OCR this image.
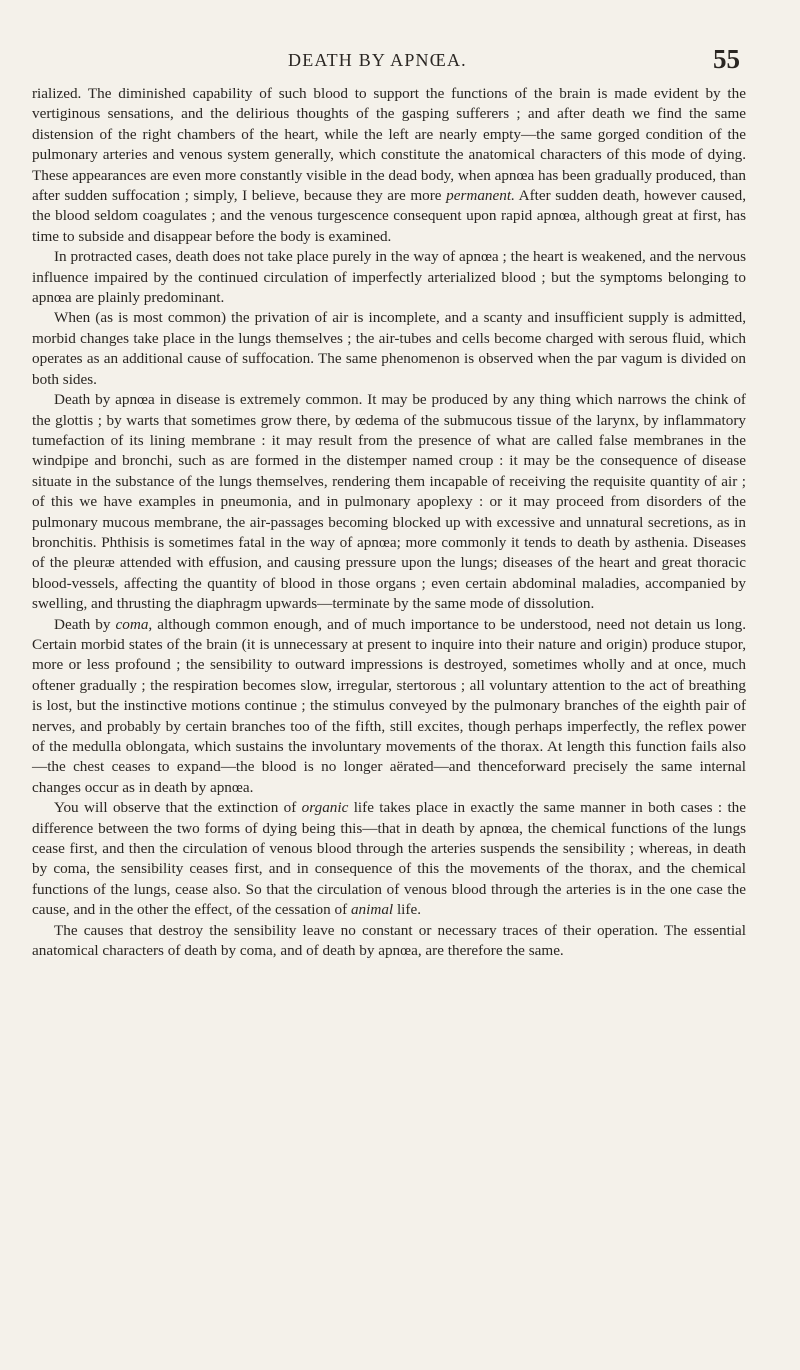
DEATH BY APNŒA.	55

rialized. The diminished capability of such blood to support the functions of the brain is made evident by the vertiginous sensations, and the delirious thoughts of the gasping sufferers ; and after death we find the same distension of the right chambers of the heart, while the left are nearly empty—the same gorged condition of the pulmonary arteries and venous system generally, which constitute the anatomical characters of this mode of dying. These appearances are even more constantly visible in the dead body, when apnœa has been gradually produced, than after sudden suffocation ; simply, I believe, because they are more permanent. After sudden death, however caused, the blood seldom coagulates ; and the venous turgescence consequent upon rapid apnœa, although great at first, has time to subside and disappear before the body is examined.

In protracted cases, death does not take place purely in the way of apnœa ; the heart is weakened, and the nervous influence impaired by the continued circulation of imperfectly arterialized blood ; but the symptoms belonging to apnœa are plainly predominant.

When (as is most common) the privation of air is incomplete, and a scanty and insufficient supply is admitted, morbid changes take place in the lungs themselves ; the air-tubes and cells become charged with serous fluid, which operates as an additional cause of suffocation. The same phenomenon is observed when the par vagum is divided on both sides.

Death by apnœa in disease is extremely common. It may be produced by any thing which narrows the chink of the glottis ; by warts that sometimes grow there, by œdema of the submucous tissue of the larynx, by inflammatory tumefaction of its lining membrane : it may result from the presence of what are called false membranes in the windpipe and bronchi, such as are formed in the distemper named croup : it may be the consequence of disease situate in the substance of the lungs themselves, rendering them incapable of receiving the requisite quantity of air ; of this we have examples in pneumonia, and in pulmonary apoplexy : or it may proceed from disorders of the pulmonary mucous membrane, the air-passages becoming blocked up with excessive and unnatural secretions, as in bronchitis. Phthisis is sometimes fatal in the way of apnœa; more commonly it tends to death by asthenia. Diseases of the pleuræ attended with effusion, and causing pressure upon the lungs; diseases of the heart and great thoracic blood-vessels, affecting the quantity of blood in those organs ; even certain abdominal maladies, accompanied by swelling, and thrusting the diaphragm upwards—terminate by the same mode of dissolution.

Death by coma, although common enough, and of much importance to be understood, need not detain us long. Certain morbid states of the brain (it is unnecessary at present to inquire into their nature and origin) produce stupor, more or less profound ; the sensibility to outward impressions is destroyed, sometimes wholly and at once, much oftener gradually ; the respiration becomes slow, irregular, stertorous ; all voluntary attention to the act of breathing is lost, but the instinctive motions continue ; the stimulus conveyed by the pulmonary branches of the eighth pair of nerves, and probably by certain branches too of the fifth, still excites, though perhaps imperfectly, the reflex power of the medulla oblongata, which sustains the involuntary movements of the thorax. At length this function fails also—the chest ceases to expand—the blood is no longer aërated—and thenceforward precisely the same internal changes occur as in death by apnœa.

You will observe that the extinction of organic life takes place in exactly the same manner in both cases : the difference between the two forms of dying being this—that in death by apnœa, the chemical functions of the lungs cease first, and then the circulation of venous blood through the arteries suspends the sensibility ; whereas, in death by coma, the sensibility ceases first, and in consequence of this the movements of the thorax, and the chemical functions of the lungs, cease also. So that the circulation of venous blood through the arteries is in the one case the cause, and in the other the effect, of the cessation of animal life.

The causes that destroy the sensibility leave no constant or necessary traces of their operation. The essential anatomical characters of death by coma, and of death by apnœa, are therefore the same.
